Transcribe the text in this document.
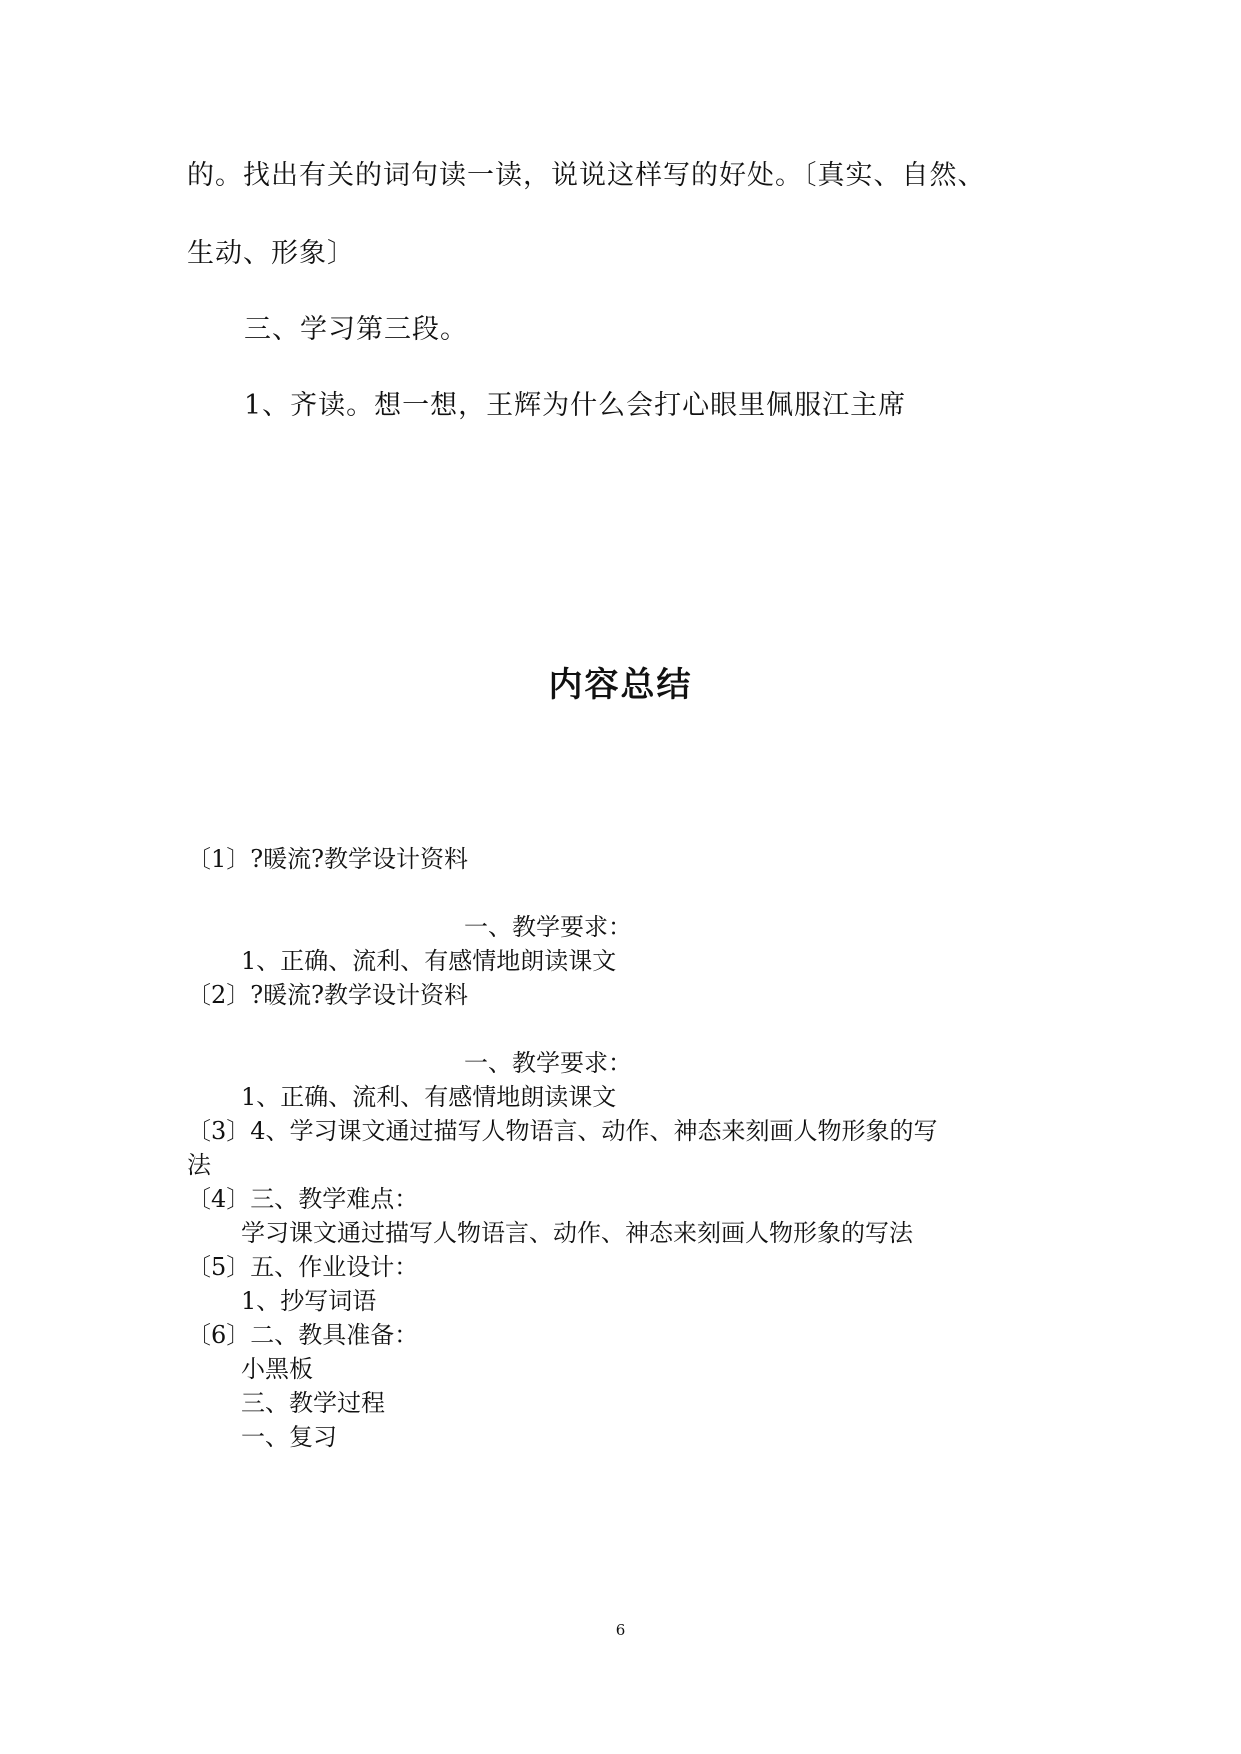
的。找出有关的词句读一读，说说这样写的好处。〔真实、自然、
生动、形象〕
三、学习第三段。
1、齐读。想一想，王辉为什么会打心眼里佩服江主席
内容总结
〔1〕?暖流?教学设计资料
一、教学要求：
1、正确、流利、有感情地朗读课文
〔2〕?暖流?教学设计资料
一、教学要求：
1、正确、流利、有感情地朗读课文
〔3〕4、学习课文通过描写人物语言、动作、神态来刻画人物形象的写
法
〔4〕三、教学难点：
学习课文通过描写人物语言、动作、神态来刻画人物形象的写法
〔5〕五、作业设计：
1、抄写词语
〔6〕二、教具准备：
小黑板
三、教学过程
一、复习
6
